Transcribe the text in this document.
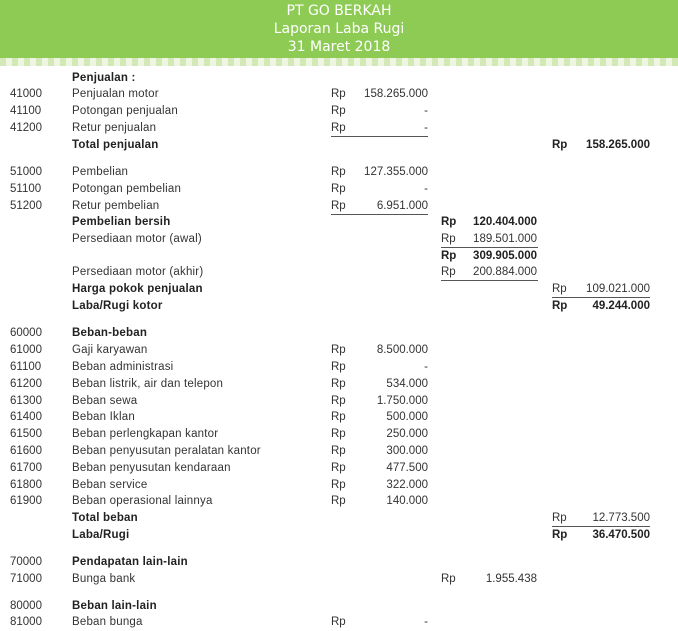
PT GO BERKAH
Laporan Laba Rugi
31 Maret 2018
Penjualan :
41000	Penjualan motor	Rp 158.265.000
41100	Potongan penjualan	Rp	-
41200	Retur penjualan	Rp	-
Total penjualan	Rp 158.265.000
51000	Pembelian	Rp 127.355.000
51100	Potongan pembelian	Rp	-
51200	Retur pembelian	Rp	6.951.000
Pembelian bersih	Rp 120.404.000
Persediaan motor (awal)	Rp 189.501.000
Rp 309.905.000
Persediaan motor (akhir)	Rp 200.884.000
Harga pokok penjualan	Rp 109.021.000
Laba/Rugi kotor	Rp 49.244.000
60000	Beban-beban
61000	Gaji karyawan	Rp	8.500.000
61100	Beban administrasi	Rp	-
61200	Beban listrik, air dan telepon	Rp	534.000
61300	Beban sewa	Rp	1.750.000
61400	Beban Iklan	Rp	500.000
61500	Beban perlengkapan kantor	Rp	250.000
61600	Beban penyusutan peralatan kantor	Rp	300.000
61700	Beban penyusutan kendaraan	Rp	477.500
61800	Beban service	Rp	322.000
61900	Beban operasional lainnya	Rp	140.000
Total beban	Rp 12.773.500
Laba/Rugi	Rp 36.470.500
70000	Pendapatan lain-lain
71000	Bunga bank	Rp	1.955.438
80000	Beban lain-lain
81000	Beban bunga	Rp	-
